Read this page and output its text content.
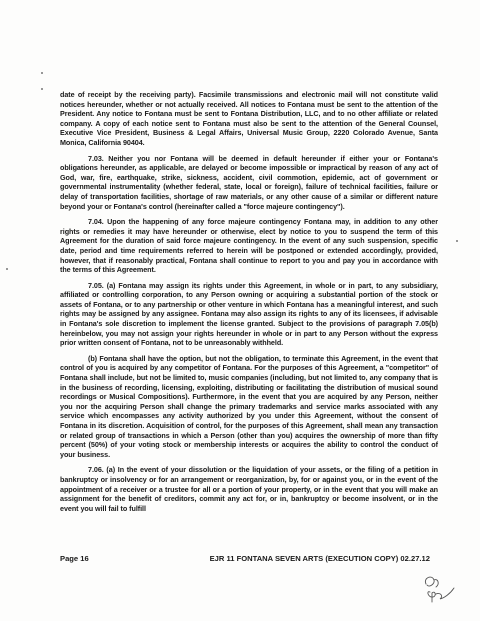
date of receipt by the receiving party). Facsimile transmissions and electronic mail will not constitute valid notices hereunder, whether or not actually received. All notices to Fontana must be sent to the attention of the President. Any notice to Fontana must be sent to Fontana Distribution, LLC, and to no other affiliate or related company. A copy of each notice sent to Fontana must also be sent to the attention of the General Counsel, Executive Vice President, Business & Legal Affairs, Universal Music Group, 2220 Colorado Avenue, Santa Monica, California 90404.

7.03. Neither you nor Fontana will be deemed in default hereunder if either your or Fontana's obligations hereunder, as applicable, are delayed or become impossible or impractical by reason of any act of God, war, fire, earthquake, strike, sickness, accident, civil commotion, epidemic, act of government or governmental instrumentality (whether federal, state, local or foreign), failure of technical facilities, failure or delay of transportation facilities, shortage of raw materials, or any other cause of a similar or different nature beyond your or Fontana's control (hereinafter called a "force majeure contingency").

7.04. Upon the happening of any force majeure contingency Fontana may, in addition to any other rights or remedies it may have hereunder or otherwise, elect by notice to you to suspend the term of this Agreement for the duration of said force majeure contingency. In the event of any such suspension, specific date, period and time requirements referred to herein will be postponed or extended accordingly, provided, however, that if reasonably practical, Fontana shall continue to report to you and pay you in accordance with the terms of this Agreement.

7.05. (a) Fontana may assign its rights under this Agreement, in whole or in part, to any subsidiary, affiliated or controlling corporation, to any Person owning or acquiring a substantial portion of the stock or assets of Fontana, or to any partnership or other venture in which Fontana has a meaningful interest, and such rights may be assigned by any assignee. Fontana may also assign its rights to any of its licensees, if advisable in Fontana's sole discretion to implement the license granted. Subject to the provisions of paragraph 7.05(b) hereinbelow, you may not assign your rights hereunder in whole or in part to any Person without the express prior written consent of Fontana, not to be unreasonably withheld.

(b) Fontana shall have the option, but not the obligation, to terminate this Agreement, in the event that control of you is acquired by any competitor of Fontana. For the purposes of this Agreement, a "competitor" of Fontana shall include, but not be limited to, music companies (including, but not limited to, any company that is in the business of recording, licensing, exploiting, distributing or facilitating the distribution of musical sound recordings or Musical Compositions). Furthermore, in the event that you are acquired by any Person, neither you nor the acquiring Person shall change the primary trademarks and service marks associated with any service which encompasses any activity authorized by you under this Agreement, without the consent of Fontana in its discretion. Acquisition of control, for the purposes of this Agreement, shall mean any transaction or related group of transactions in which a Person (other than you) acquires the ownership of more than fifty percent (50%) of your voting stock or membership interests or acquires the ability to control the conduct of your business.

7.06. (a) In the event of your dissolution or the liquidation of your assets, or the filing of a petition in bankruptcy or insolvency or for an arrangement or reorganization, by, for or against you, or in the event of the appointment of a receiver or a trustee for all or a portion of your property, or in the event that you will make an assignment for the benefit of creditors, commit any act for, or in, bankruptcy or become insolvent, or in the event you will fail to fulfill

Page 16	EJR 11 FONTANA SEVEN ARTS (EXECUTION COPY) 02.27.12
